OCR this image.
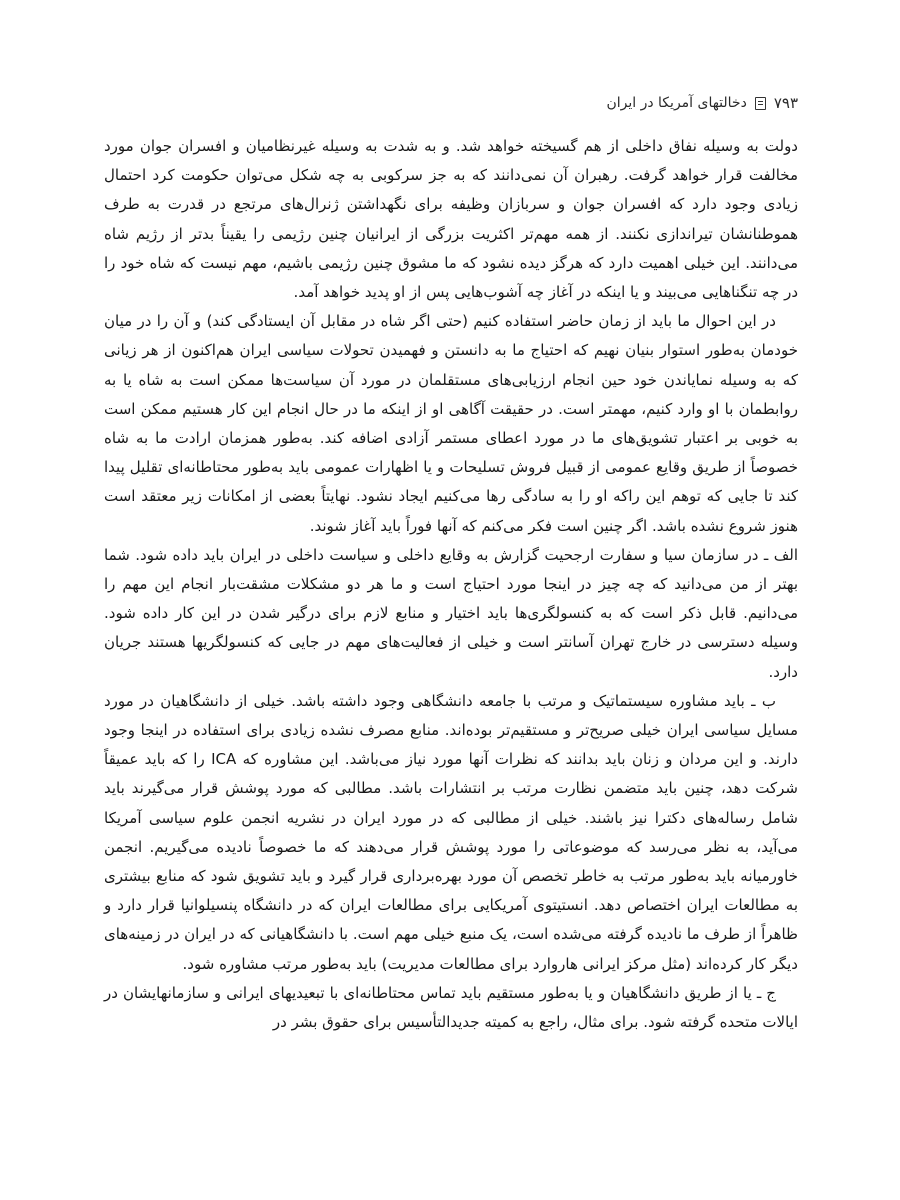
دخالتهای آمریکا در ایران ۷۹۳

دولت به وسیله نفاق داخلی از هم گسیخته خواهد شد. و به شدت به وسیله غیرنظامیان و افسران جوان مورد مخالفت قرار خواهد گرفت. رهبران آن نمی‌دانند که به جز سرکوبی به چه شکل می‌توان حکومت کرد احتمال زیادی وجود دارد که افسران جوان و سربازان وظیفه برای نگهداشتن ژنرال‌های مرتجع در قدرت به طرف هموطنانشان تیراندازی نکنند. از همه مهم‌تر اکثریت بزرگی از ایرانیان چنین رژیمی را یقیناً بدتر از رژیم شاه می‌دانند. این خیلی اهمیت دارد که هرگز دیده نشود که ما مشوق چنین رژیمی باشیم، مهم نیست که شاه خود را در چه تنگناهایی می‌بیند و یا اینکه در آغاز چه آشوب‌هایی پس از او پدید خواهد آمد.

در این احوال ما باید از زمان حاضر استفاده کنیم (حتی اگر شاه در مقابل آن ایستادگی کند) و آن را در میان خودمان به‌طور استوار بنیان نهیم که احتیاج ما به دانستن و فهمیدن تحولات سیاسی ایران هم‌اکنون از هر زیانی که به وسیله نمایاندن خود حین انجام ارزیابی‌های مستقلمان در مورد آن سیاست‌ها ممکن است به شاه یا به روابطمان با او وارد کنیم، مهمتر است. در حقیقت آگاهی او از اینکه ما در حال انجام این کار هستیم ممکن است به خوبی بر اعتبار تشویق‌های ما در مورد اعطای مستمر آزادی اضافه کند. به‌طور همزمان ارادت ما به شاه خصوصاً از طریق وقایع عمومی از قبیل فروش تسلیحات و یا اظهارات عمومی باید به‌طور محتاطانه‌ای تقلیل پیدا کند تا جایی که توهم این راکه او را به سادگی رها می‌کنیم ایجاد نشود. نهایتاً بعضی از امکانات زیر معتقد است هنوز شروع نشده باشد. اگر چنین است فکر می‌کنم که آنها فوراً باید آغاز شوند.

الف ـ در سازمان سیا و سفارت ارجحیت گزارش به وقایع داخلی و سیاست داخلی در ایران باید داده شود. شما بهتر از من می‌دانید که چه چیز در اینجا مورد احتیاج است و ما هر دو مشکلات مشقت‌بار انجام این مهم را می‌دانیم. قابل ذکر است که به کنسولگری‌ها باید اختیار و منابع لازم برای درگیر شدن در این کار داده شود. وسیله دسترسی در خارج تهران آسانتر است و خیلی از فعالیت‌های مهم در جایی که کنسولگریها هستند جریان دارد.

ب ـ باید مشاوره سیستماتیک و مرتب با جامعه دانشگاهی وجود داشته باشد. خیلی از دانشگاهیان در مورد مسایل سیاسی ایران خیلی صریح‌تر و مستقیم‌تر بوده‌اند. منابع مصرف نشده زیادی برای استفاده در اینجا وجود دارند. و این مردان و زنان باید بدانند که نظرات آنها مورد نیاز می‌باشد. این مشاوره که ICA را که باید عمیقاً شرکت دهد، چنین باید متضمن نظارت مرتب بر انتشارات باشد. مطالبی که مورد پوشش قرار می‌گیرند باید شامل رساله‌های دکترا نیز باشند. خیلی از مطالبی که در مورد ایران در نشریه انجمن علوم سیاسی آمریکا می‌آید، به نظر می‌رسد که موضوعاتی را مورد پوشش قرار می‌دهند که ما خصوصاً نادیده می‌گیریم. انجمن خاورمیانه باید به‌طور مرتب به خاطر تخصص آن مورد بهره‌برداری قرار گیرد و باید تشویق شود که منابع بیشتری به مطالعات ایران اختصاص دهد. انستیتوی آمریکایی برای مطالعات ایران که در دانشگاه پنسیلوانیا قرار دارد و ظاهراً از طرف ما نادیده گرفته می‌شده است، یک منبع خیلی مهم است. با دانشگاهیانی که در ایران در زمینه‌های دیگر کار کرده‌اند (مثل مرکز ایرانی هاروارد برای مطالعات مدیریت) باید به‌طور مرتب مشاوره شود.

ج ـ یا از طریق دانشگاهیان و یا به‌طور مستقیم باید تماس محتاطانه‌ای با تبعیدیهای ایرانی و سازمانهایشان در ایالات متحده گرفته شود. برای مثال، راجع به کمیته جدیدالتأسیس برای حقوق بشر در
